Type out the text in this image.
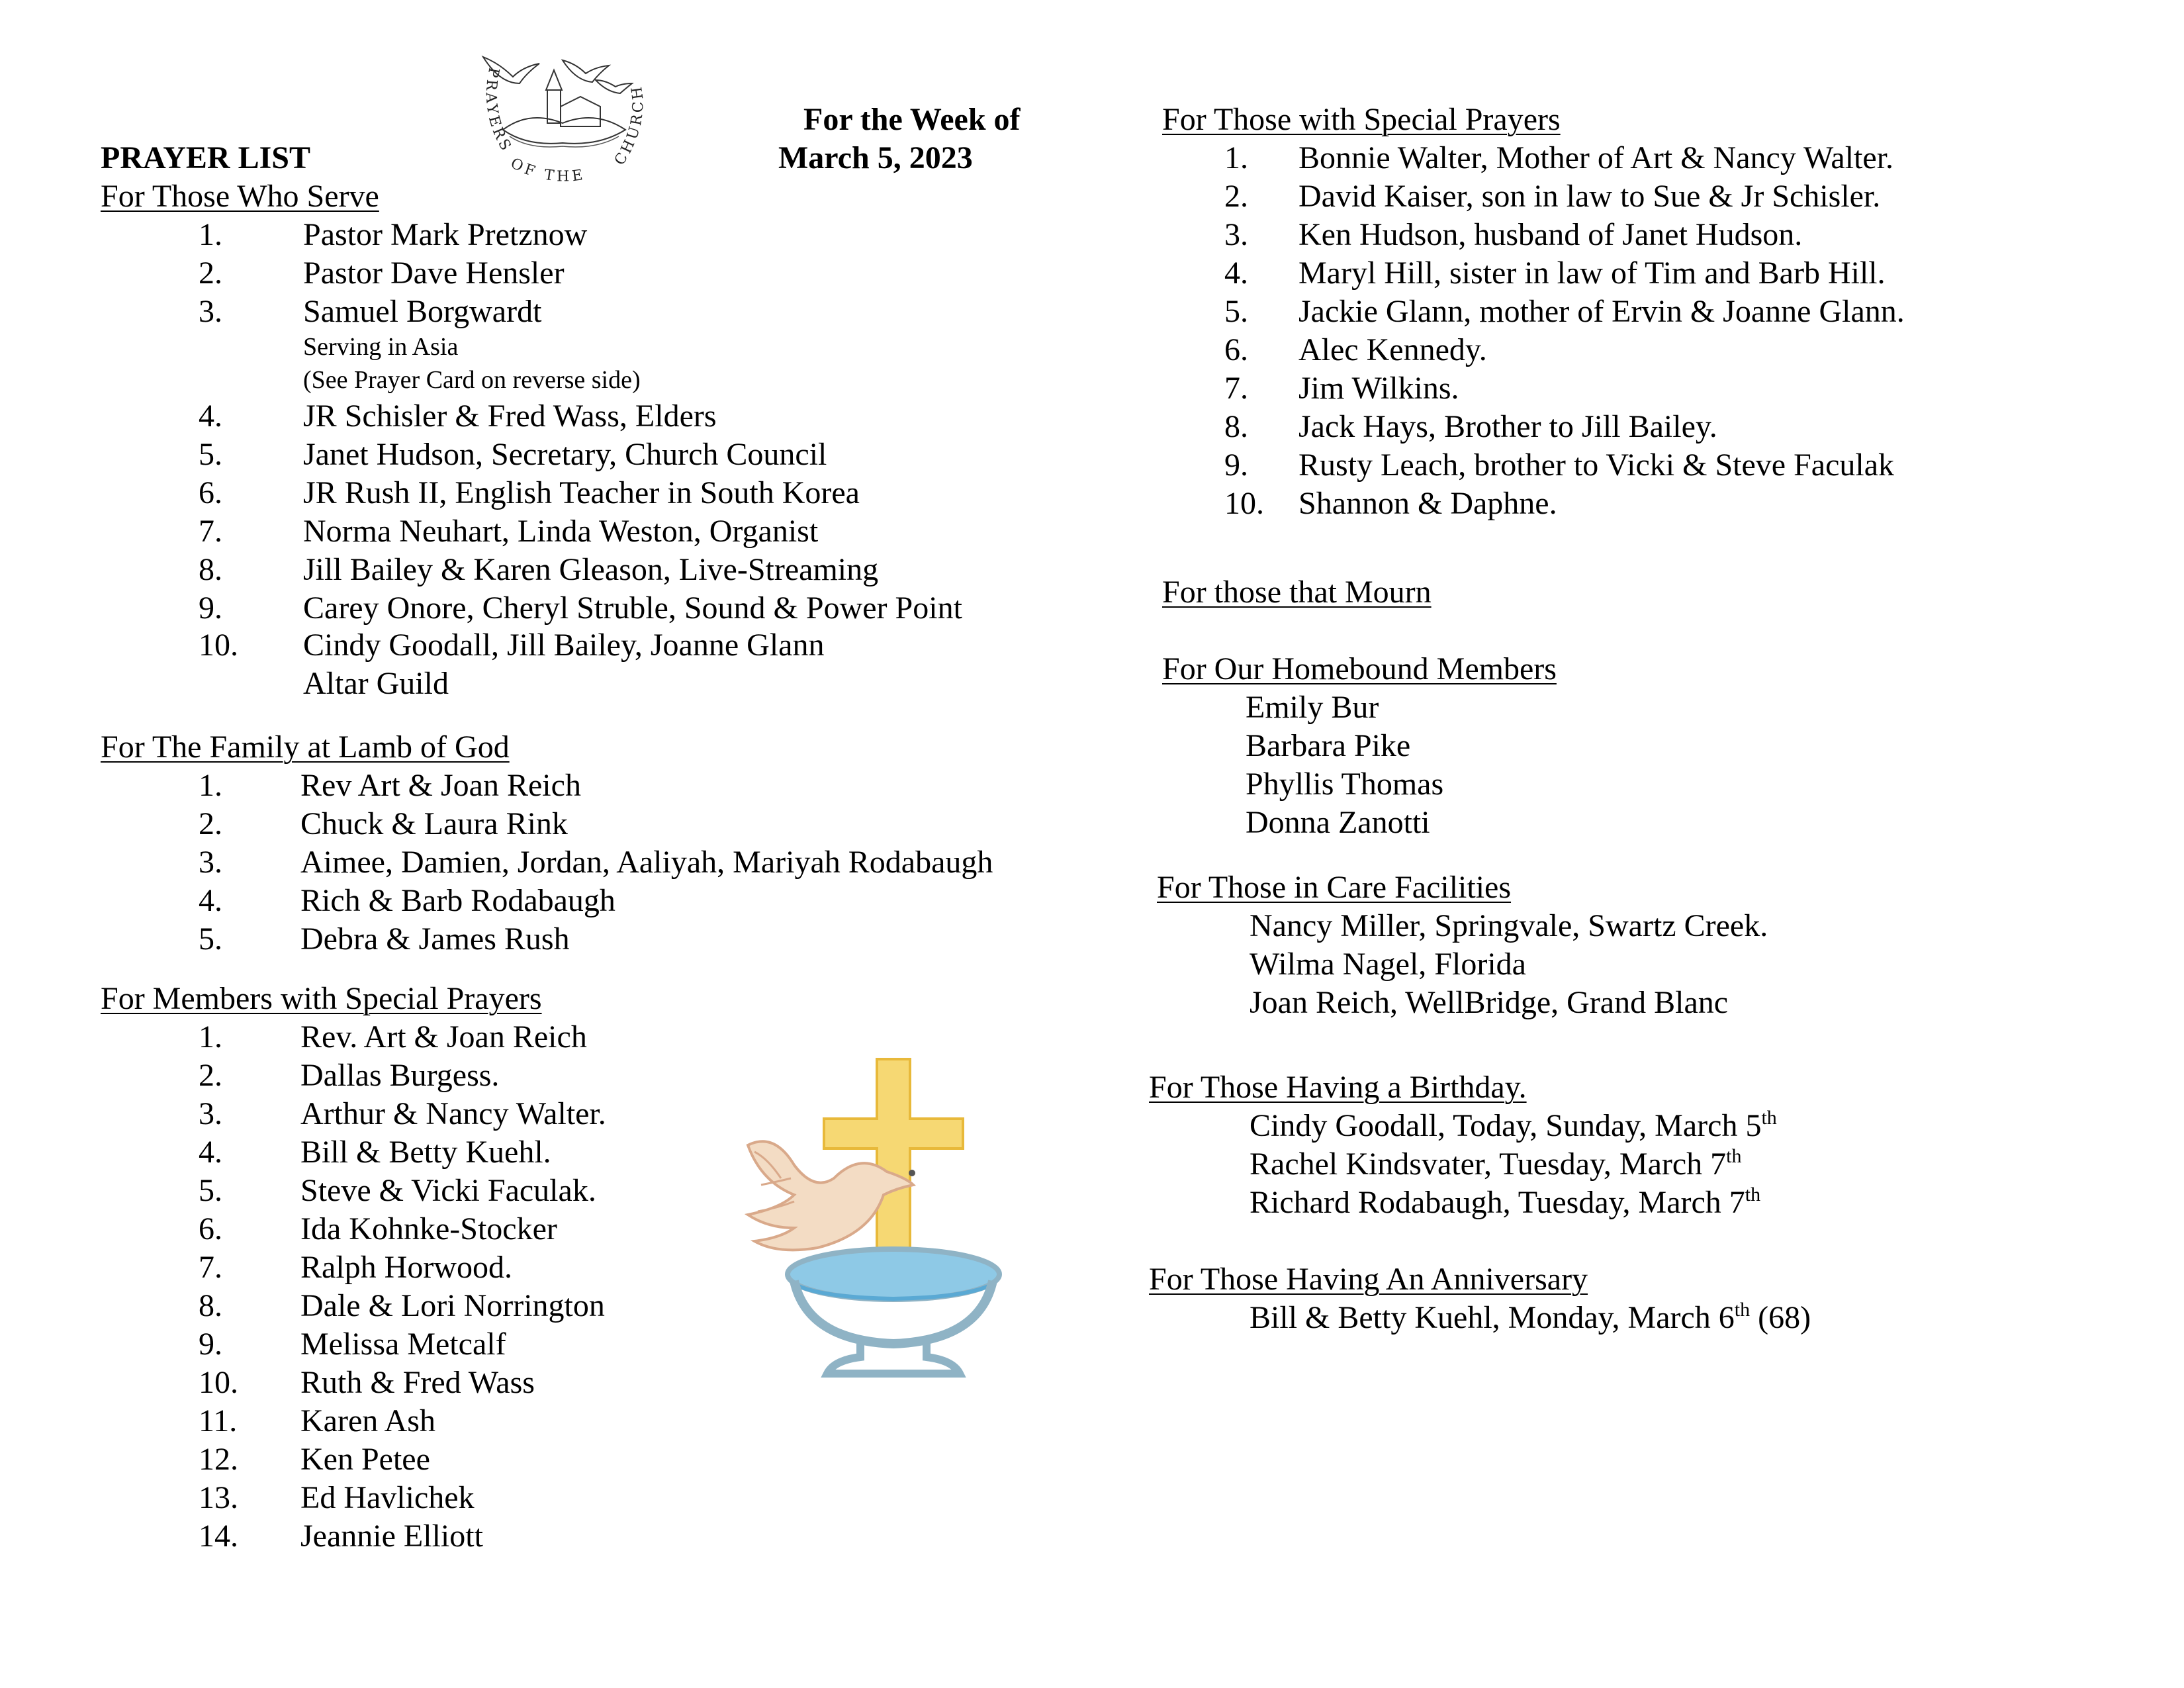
PRAYER LIST
For the Week of
March 5, 2023
PRAYERS
OF THE
CHURCH
For Those Who Serve
1.	Pastor Mark Pretznow
2.	Pastor Dave Hensler
3.	Samuel Borgwardt
4.	JR Schisler & Fred Wass, Elders
5.	Janet Hudson, Secretary, Church Council
6.	JR Rush II, English Teacher in South Korea
7.	Norma Neuhart, Linda Weston, Organist
8.	Jill Bailey & Karen Gleason, Live-Streaming
9.	Carey Onore, Cheryl Struble, Sound & Power Point
10. Cindy Goodall, Jill Bailey, Joanne Glann
Serving in Asia
(See Prayer Card on reverse side)
Altar Guild
For The Family at Lamb of God
1. Rev Art & Joan Reich
2. Chuck & Laura Rink
3. Aimee, Damien, Jordan, Aaliyah, Mariyah Rodabaugh
4. Rich & Barb Rodabaugh
5. Debra & James Rush
For Members with Special Prayers
1. Rev. Art & Joan Reich
2. Dallas Burgess.
3. Arthur & Nancy Walter.
4. Bill & Betty Kuehl.
5. Steve & Vicki Faculak.
6. Ida Kohnke-Stocker
7. Ralph Horwood.
8. Dale & Lori Norrington
9. Melissa Metcalf
10. Ruth & Fred Wass
11. Karen Ash
12. Ken Petee
13. Ed Havlichek
14. Jeannie Elliott
For Those with Special Prayers
1. Bonnie Walter, Mother of Art & Nancy Walter.
2. David Kaiser, son in law to Sue & Jr Schisler.
3. Ken Hudson, husband of Janet Hudson.
4. Maryl Hill, sister in law of Tim and Barb Hill.
5. Jackie Glann, mother of Ervin & Joanne Glann.
6. Alec Kennedy.
7. Jim Wilkins.
8. Jack Hays, Brother to Jill Bailey.
9. Rusty Leach, brother to Vicki & Steve Faculak
10. Shannon & Daphne.
For those that Mourn
For Our Homebound Members
Emily Bur
Barbara Pike
Phyllis Thomas
Donna Zanotti
For Those in Care Facilities
Nancy Miller, Springvale, Swartz Creek.
Wilma Nagel, Florida
Joan Reich, WellBridge, Grand Blanc
For Those Having a Birthday.
Cindy Goodall, Today, Sunday, March 5th
Rachel Kindsvater, Tuesday, March 7th
Richard Rodabaugh, Tuesday, March 7th
For Those Having An Anniversary
Bill & Betty Kuehl, Monday, March 6th (68)
